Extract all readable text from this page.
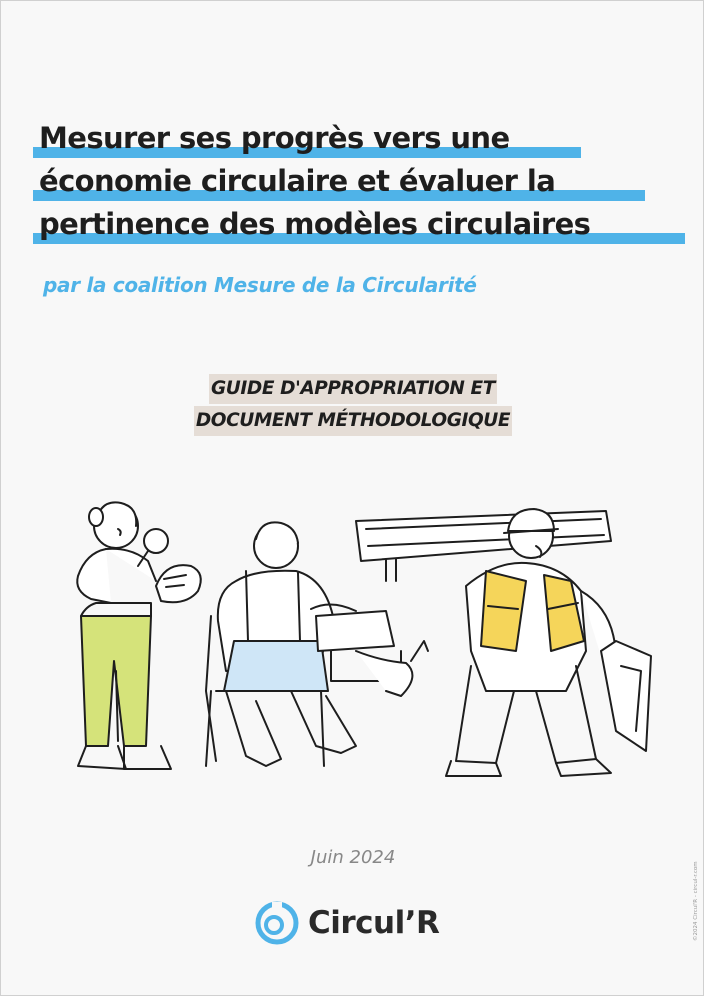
Mesurer ses progrès vers une
économie circulaire et évaluer la
pertinence des modèles circulaires
par la coalition Mesure de la Circularité
GUIDE D'APPROPRIATION ET
DOCUMENT MÉTHODOLOGIQUE
Juin 2024
Circul’R	©2024 Circul'R - circul-r.com
